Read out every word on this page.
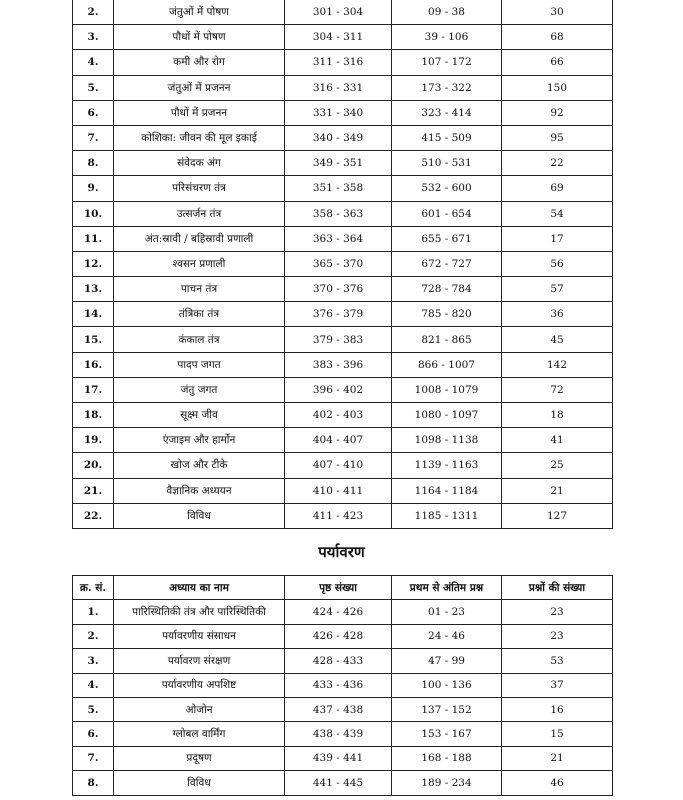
2.	जंतुओं में पोषण	301 - 304	09 - 38	30
3.	पौधों में पोषण	304 - 311	39 - 106	68
4.	कमी और रोग	311 - 316	107 - 172	66
5.	जंतुओं में प्रजनन	316 - 331	173 - 322	150
6.	पौधों में प्रजनन	331 - 340	323 - 414	92
7.	कोशिका: जीवन की मूल इकाई	340 - 349	415 - 509	95
8.	संवेदक अंग	349 - 351	510 - 531	22
9.	परिसंचरण तंत्र	351 - 358	532 - 600	69
10.	उत्सर्जन तंत्र	358 - 363	601 - 654	54
11.	अंत:स्रावी / बहिस्रावी प्रणाली	363 - 364	655 - 671	17
12.	श्वसन प्रणाली	365 - 370	672 - 727	56
13.	पाचन तंत्र	370 - 376	728 - 784	57
14.	तंत्रिका तंत्र	376 - 379	785 - 820	36
15.	कंकाल तंत्र	379 - 383	821 - 865	45
16.	पादप जगत	383 - 396	866 - 1007	142
17.	जंतु जगत	396 - 402	1008 - 1079	72
18.	सूक्ष्म जीव	402 - 403	1080 - 1097	18
19.	एंजाइम और हार्मोन	404 - 407	1098 - 1138	41
20.	खोज और टीके	407 - 410	1139 - 1163	25
21.	वैज्ञानिक अध्ययन	410 - 411	1164 - 1184	21
22.	विविध	411 - 423	1185 - 1311	127
पर्यावरण
क्र. सं.	अध्याय का नाम	पृष्ठ संख्या	प्रथम से अंतिम प्रश्न	प्रश्नों की संख्या
1.	पारिस्थितिकी तंत्र और पारिस्थितिकी	424 - 426	01 - 23	23
2.	पर्यावरणीय संसाधन	426 - 428	24 - 46	23
3.	पर्यावरण संरक्षण	428 - 433	47 - 99	53
4.	पर्यावरणीय अपशिष्ट	433 - 436	100 - 136	37
5.	ओजोन	437 - 438	137 - 152	16
6.	ग्लोबल वार्मिंग	438 - 439	153 - 167	15
7.	प्रदूषण	439 - 441	168 - 188	21
8.	विविध	441 - 445	189 - 234	46
